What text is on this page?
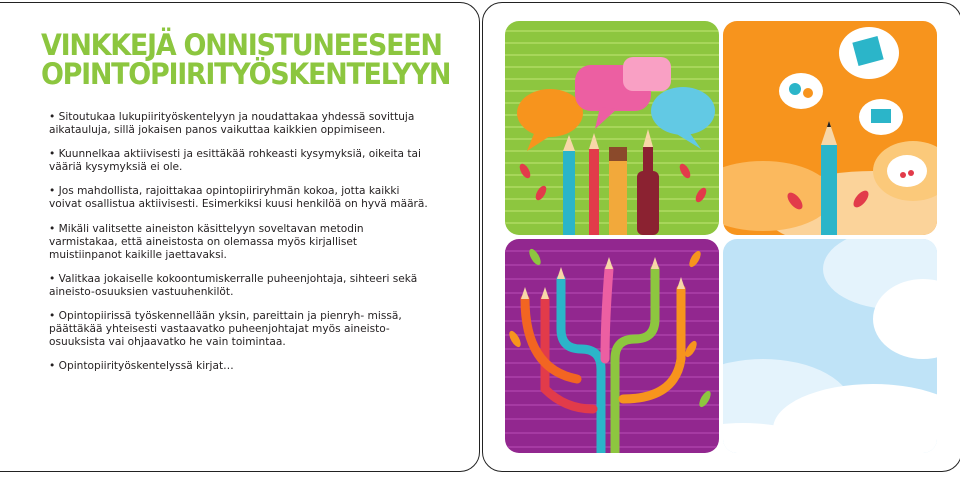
VINKKEJÄ ONNISTUNEESEEN
OPINTOPIIRITYÖSKENTELYYN
• Sitoutukaa lukupiirityöskentelyyn ja noudattakaa yhdessä sovittuja aikatauluja, sillä jokaisen panos vaikuttaa kaikkien oppimiseen.
• Kuunnelkaa aktiivisesti ja esittäkää rohkeasti kysymyksiä, oikeita tai vääriä kysymyksiä ei ole.
• Jos mahdollista, rajoittakaa opintopiiriryhmän kokoa, jotta kaikki voivat osallistua aktiivisesti. Esimerkiksi kuusi henkilöä on hyvä määrä.
• Mikäli valitsette aineiston käsittelyyn soveltavan metodin varmistakaa, että aineistosta on olemassa myös kirjalliset muistiinpanot kaikille jaettavaksi.
• Valitkaa jokaiselle kokoontumiskerralle puheenjohtaja, sihteeri sekä aineisto-osuuksien vastuuhenkilöt.
• Opintopiirissä työskennellään yksin, pareittain ja pienryh- missä, päättäkää yhteisesti vastaavatko puheenjohtajat myös aineisto-osuuksista vai ohjaavatko he vain toimintaa.
• Opintopiirityöskentelyssä kirjat…
